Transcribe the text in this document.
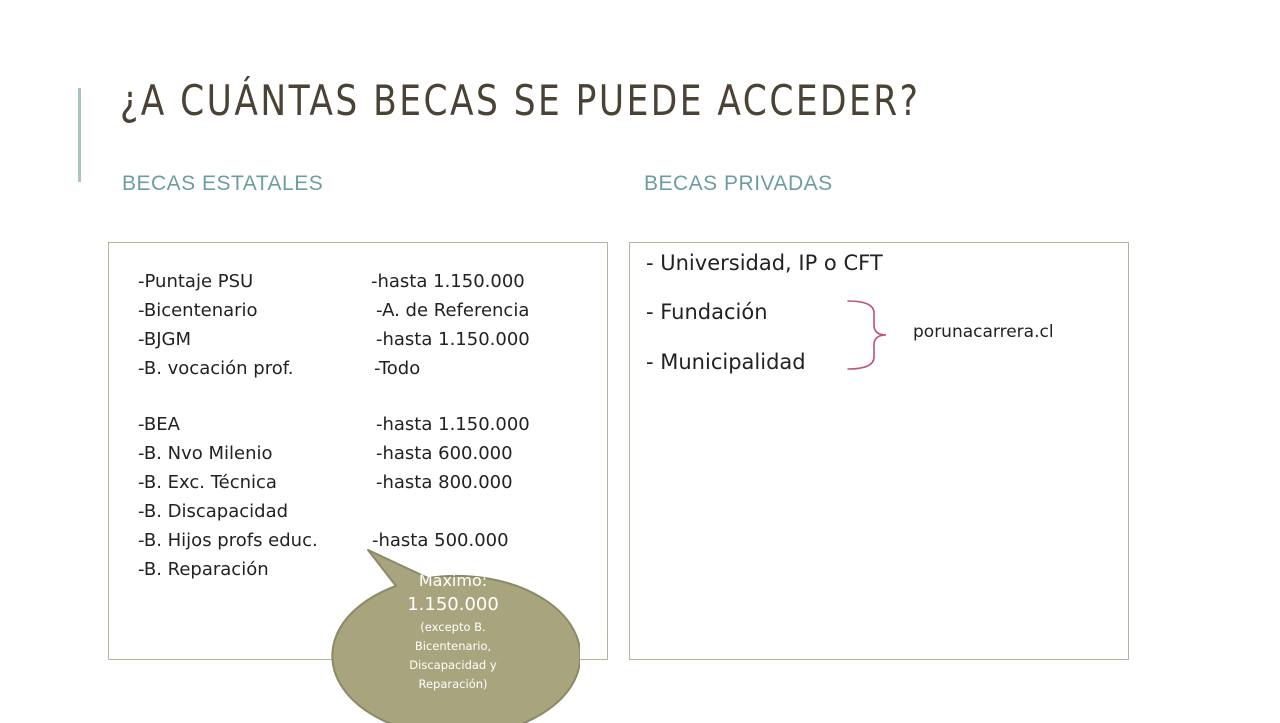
¿A CUÁNTAS BECAS SE PUEDE ACCEDER?
BECAS ESTATALES	BECAS PRIVADAS
-Puntaje PSU	-hasta 1.150.000
-Bicentenario	-A. de Referencia
-BJGM	-hasta 1.150.000
-B. vocación prof.	-Todo
-BEA	-hasta 1.150.000
-B. Nvo Milenio	-hasta 600.000
-B. Exc. Técnica	-hasta 800.000
-B. Discapacidad
-B. Hijos profs educ.	-hasta 500.000
-B. Reparación
- Universidad, IP o CFT
- Fundación
- Municipalidad
porunacarrera.cl
Máximo:
1.150.000
(excepto B. Bicentenario, Discapacidad y Reparación)
